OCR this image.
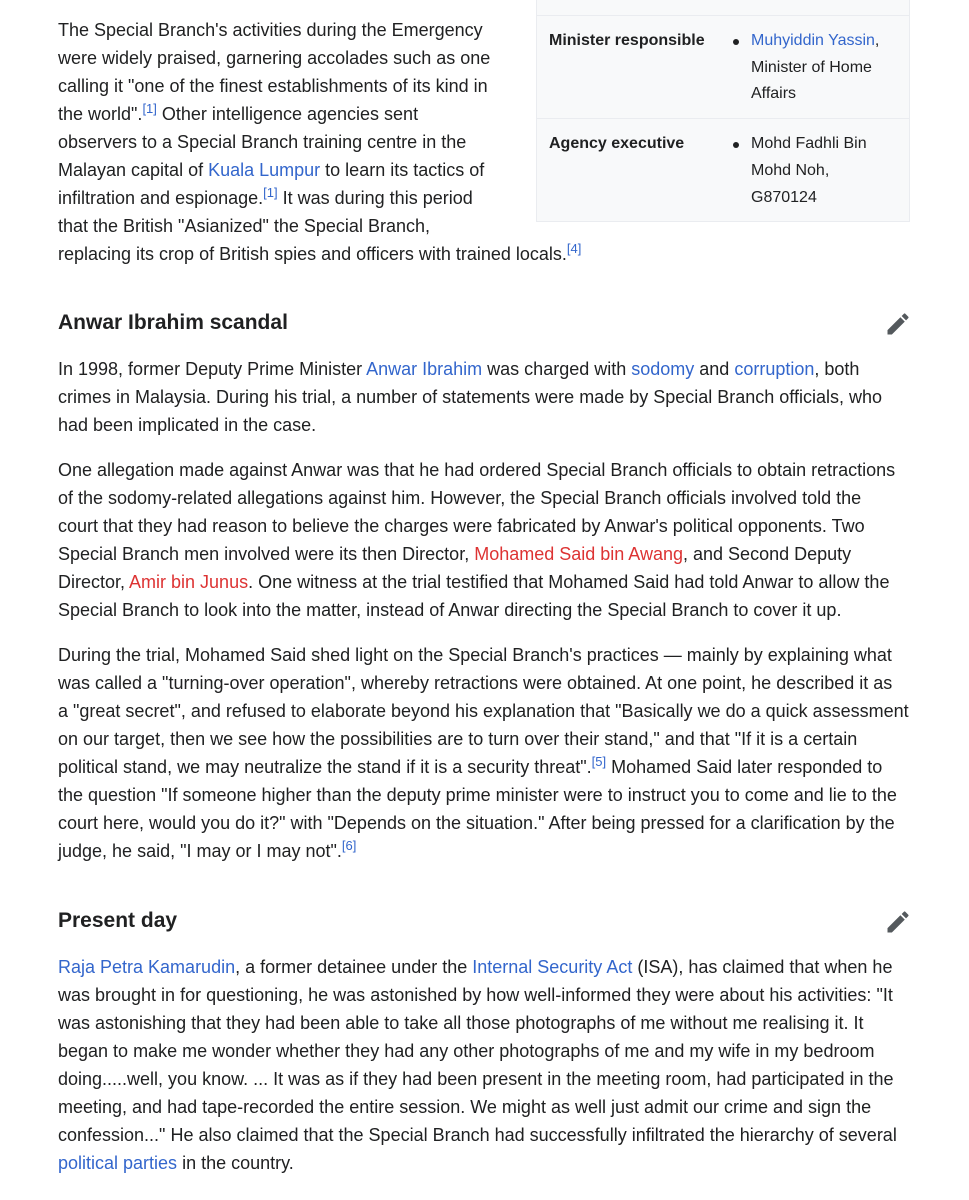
Minister responsible	Muhyiddin Yassin,
Minister of Home
Affairs
Agency executive	Mohd Fadhli Bin
Mohd Noh,
G870124

The Special Branch's activities during the Emergency
were widely praised, garnering accolades such as one
calling it "one of the finest establishments of its kind in
the world".[1] Other intelligence agencies sent
observers to a Special Branch training centre in the
Malayan capital of Kuala Lumpur to learn its tactics of
infiltration and espionage.[1] It was during this period
that the British "Asianized" the Special Branch,
replacing its crop of British spies and officers with trained locals.[4]

Anwar Ibrahim scandal

In 1998, former Deputy Prime Minister Anwar Ibrahim was charged with sodomy and corruption, both
crimes in Malaysia. During his trial, a number of statements were made by Special Branch officials, who
had been implicated in the case.

One allegation made against Anwar was that he had ordered Special Branch officials to obtain retractions
of the sodomy-related allegations against him. However, the Special Branch officials involved told the
court that they had reason to believe the charges were fabricated by Anwar's political opponents. Two
Special Branch men involved were its then Director, Mohamed Said bin Awang, and Second Deputy
Director, Amir bin Junus. One witness at the trial testified that Mohamed Said had told Anwar to allow the
Special Branch to look into the matter, instead of Anwar directing the Special Branch to cover it up.

During the trial, Mohamed Said shed light on the Special Branch's practices — mainly by explaining what
was called a "turning-over operation", whereby retractions were obtained. At one point, he described it as
a "great secret", and refused to elaborate beyond his explanation that "Basically we do a quick assessment
on our target, then we see how the possibilities are to turn over their stand," and that "If it is a certain
political stand, we may neutralize the stand if it is a security threat".[5] Mohamed Said later responded to
the question "If someone higher than the deputy prime minister were to instruct you to come and lie to the
court here, would you do it?" with "Depends on the situation." After being pressed for a clarification by the
judge, he said, "I may or I may not".[6]

Present day

Raja Petra Kamarudin, a former detainee under the Internal Security Act (ISA), has claimed that when he
was brought in for questioning, he was astonished by how well-informed they were about his activities: "It
was astonishing that they had been able to take all those photographs of me without me realising it. It
began to make me wonder whether they had any other photographs of me and my wife in my bedroom
doing.....well, you know. ... It was as if they had been present in the meeting room, had participated in the
meeting, and had tape-recorded the entire session. We might as well just admit our crime and sign the
confession..." He also claimed that the Special Branch had successfully infiltrated the hierarchy of several
political parties in the country.
